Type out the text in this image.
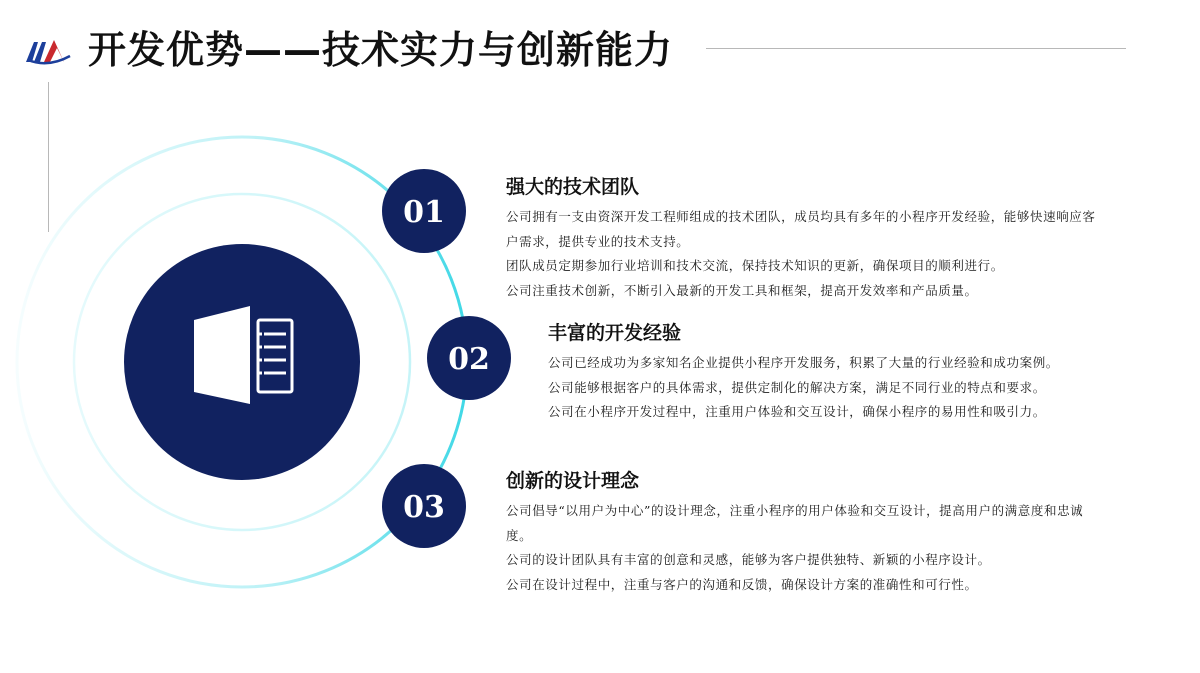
开发优势——技术实力与创新能力
01
02
03
强大的技术团队

公司拥有一支由资深开发工程师组成的技术团队，成员均具有多年的小程序开发经验，能够快速响应客户需求，提供专业的技术支持。

团队成员定期参加行业培训和技术交流，保持技术知识的更新，确保项目的顺利进行。

公司注重技术创新，不断引入最新的开发工具和框架，提高开发效率和产品质量。

丰富的开发经验

公司已经成功为多家知名企业提供小程序开发服务，积累了大量的行业经验和成功案例。

公司能够根据客户的具体需求，提供定制化的解决方案，满足不同行业的特点和要求。

公司在小程序开发过程中，注重用户体验和交互设计，确保小程序的易用性和吸引力。

创新的设计理念

公司倡导“以用户为中心”的设计理念，注重小程序的用户体验和交互设计，提高用户的满意度和忠诚度。

公司的设计团队具有丰富的创意和灵感，能够为客户提供独特、新颖的小程序设计。

公司在设计过程中，注重与客户的沟通和反馈，确保设计方案的准确性和可行性。
